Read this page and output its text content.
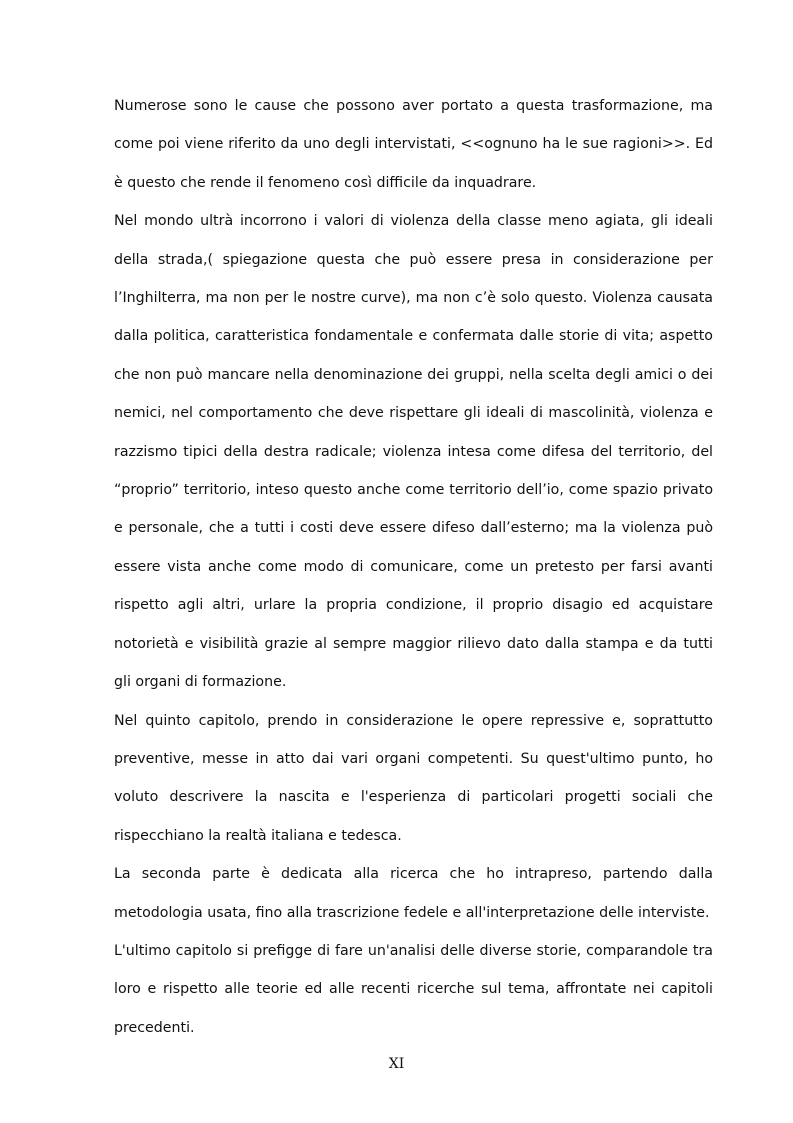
Numerose sono le cause che possono aver portato a questa trasformazione, ma come poi viene riferito da uno degli intervistati, <<ognuno ha le sue ragioni>>. Ed è questo che rende il fenomeno così difficile da inquadrare.

Nel mondo ultrà incorrono i valori di violenza della classe meno agiata, gli ideali della strada,( spiegazione questa che può essere presa in considerazione per l’Inghilterra, ma non per le nostre curve), ma non c’è solo questo. Violenza causata dalla politica, caratteristica fondamentale e confermata dalle storie di vita; aspetto che non può mancare nella denominazione dei gruppi, nella scelta degli amici o dei nemici, nel comportamento che deve rispettare gli ideali di mascolinità, violenza e razzismo tipici della destra radicale; violenza intesa come difesa del territorio, del “proprio” territorio, inteso questo anche come territorio dell’io, come spazio privato e personale, che a tutti i costi deve essere difeso dall’esterno; ma la violenza può essere vista anche come modo di comunicare, come un pretesto per farsi avanti rispetto agli altri, urlare la propria condizione, il proprio disagio ed acquistare notorietà e visibilità grazie al sempre maggior rilievo dato dalla stampa e da tutti gli organi di formazione.

Nel quinto capitolo, prendo in considerazione le opere repressive e, soprattutto preventive, messe in atto dai vari organi competenti. Su quest'ultimo punto, ho voluto descrivere la nascita e l'esperienza di particolari progetti sociali che rispecchiano la realtà italiana e tedesca.

La seconda parte è dedicata alla ricerca che ho intrapreso, partendo dalla metodologia usata, fino alla trascrizione fedele e all'interpretazione delle interviste.

L'ultimo capitolo si prefigge di fare un'analisi delle diverse storie, comparandole tra loro e rispetto alle teorie ed alle recenti ricerche sul tema, affrontate nei capitoli precedenti.

XI
